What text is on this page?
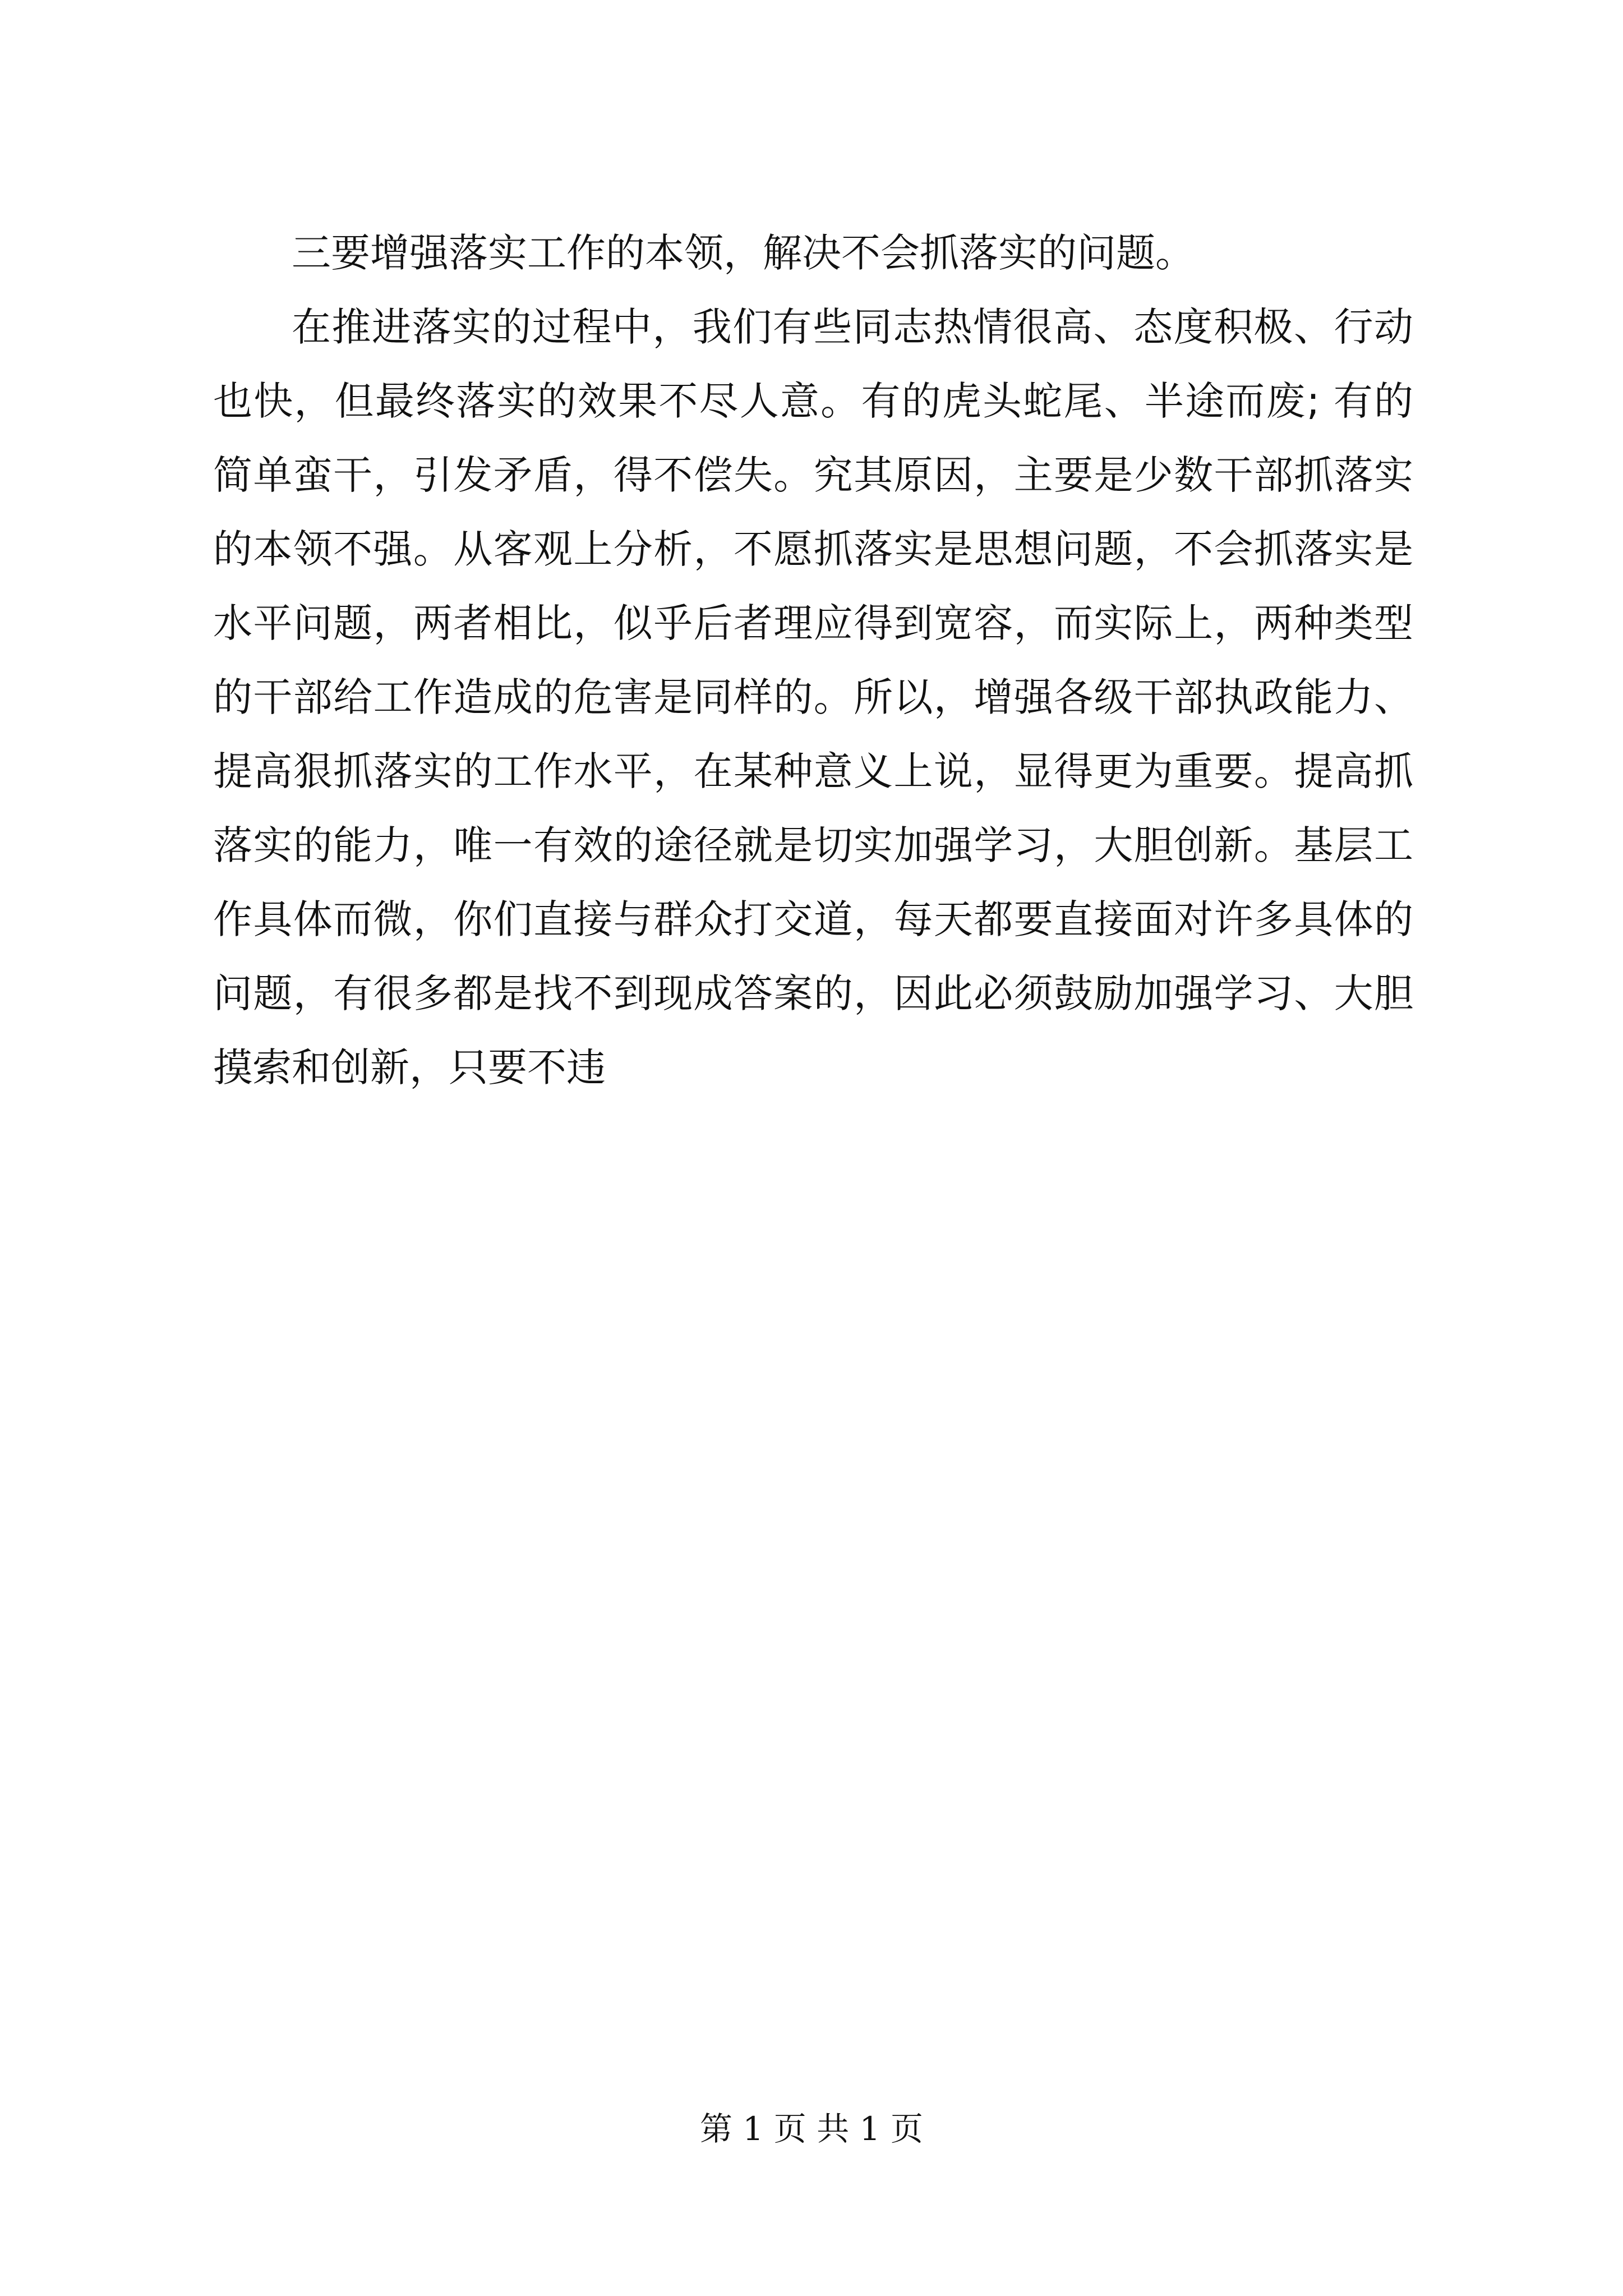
三要增强落实工作的本领，解决不会抓落实的问题。

在推进落实的过程中，我们有些同志热情很高、态度积极、行动也快，但最终落实的效果不尽人意。有的虎头蛇尾、半途而废; 有的简单蛮干，引发矛盾，得不偿失。究其原因，主要是少数干部抓落实的本领不强。从客观上分析，不愿抓落实是思想问题，不会抓落实是水平问题，两者相比，似乎后者理应得到宽容，而实际上，两种类型的干部给工作造成的危害是同样的。所以，增强各级干部执政能力、提高狠抓落实的工作水平，在某种意义上说，显得更为重要。提高抓落实的能力，唯一有效的途径就是切实加强学习，大胆创新。基层工作具体而微，你们直接与群众打交道，每天都要直接面对许多具体的问题，有很多都是找不到现成答案的，因此必须鼓励加强学习、大胆摸索和创新，只要不违

第 1 页 共 1 页
